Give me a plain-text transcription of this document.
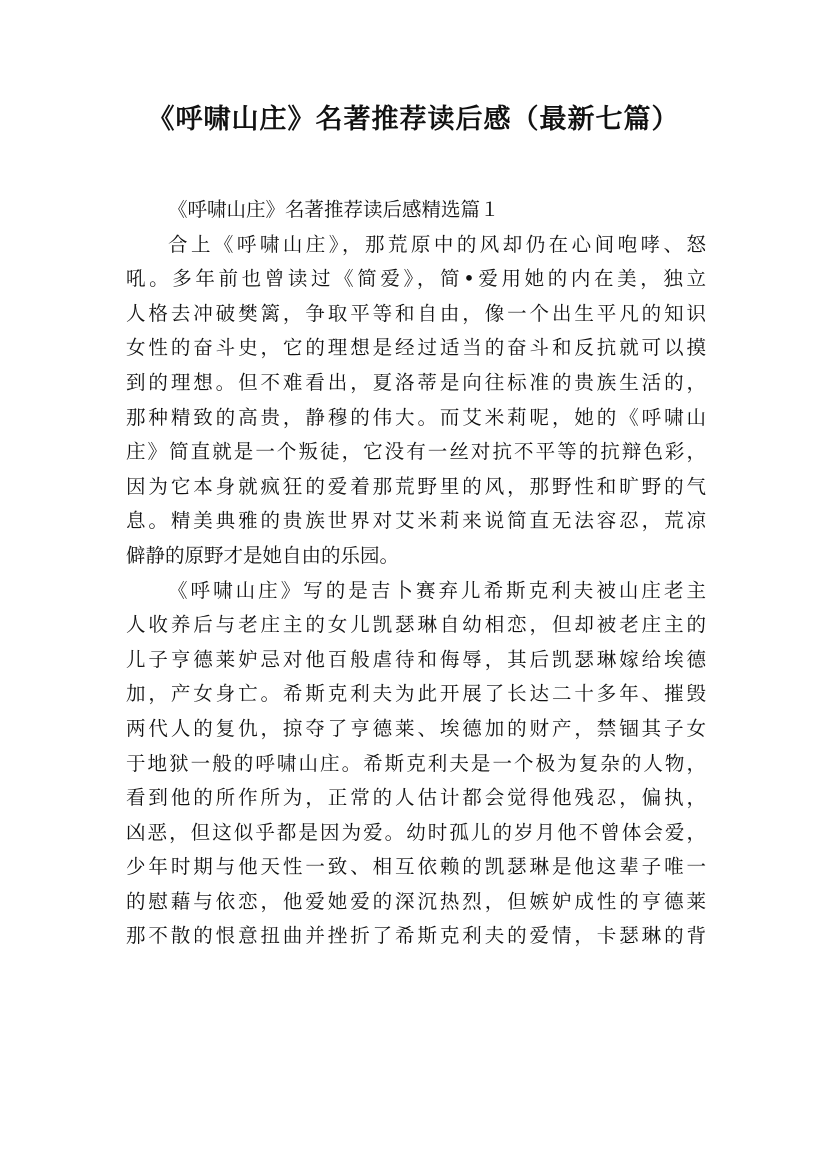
《呼啸山庄》名著推荐读后感（最新七篇）
《呼啸山庄》名著推荐读后感精选篇１
合上《呼啸山庄》，那荒原中的风却仍在心间咆哮、怒
吼。多年前也曾读过《简爱》，简•爱用她的内在美，独立
人格去冲破樊篱，争取平等和自由，像一个出生平凡的知识
女性的奋斗史，它的理想是经过适当的奋斗和反抗就可以摸
到的理想。但不难看出，夏洛蒂是向往标准的贵族生活的，
那种精致的高贵，静穆的伟大。而艾米莉呢，她的《呼啸山
庄》简直就是一个叛徒，它没有一丝对抗不平等的抗辩色彩，
因为它本身就疯狂的爱着那荒野里的风，那野性和旷野的气
息。精美典雅的贵族世界对艾米莉来说简直无法容忍，荒凉
僻静的原野才是她自由的乐园。
《呼啸山庄》写的是吉卜赛弃儿希斯克利夫被山庄老主
人收养后与老庄主的女儿凯瑟琳自幼相恋，但却被老庄主的
儿子亨德莱妒忌对他百般虐待和侮辱，其后凯瑟琳嫁给埃德
加，产女身亡。希斯克利夫为此开展了长达二十多年、摧毁
两代人的复仇，掠夺了亨德莱、埃德加的财产，禁锢其子女
于地狱一般的呼啸山庄。希斯克利夫是一个极为复杂的人物，
看到他的所作所为，正常的人估计都会觉得他残忍，偏执，
凶恶，但这似乎都是因为爱。幼时孤儿的岁月他不曾体会爱，
少年时期与他天性一致、相互依赖的凯瑟琳是他这辈子唯一
的慰藉与依恋，他爱她爱的深沉热烈，但嫉妒成性的亨德莱
那不散的恨意扭曲并挫折了希斯克利夫的爱情，卡瑟琳的背
